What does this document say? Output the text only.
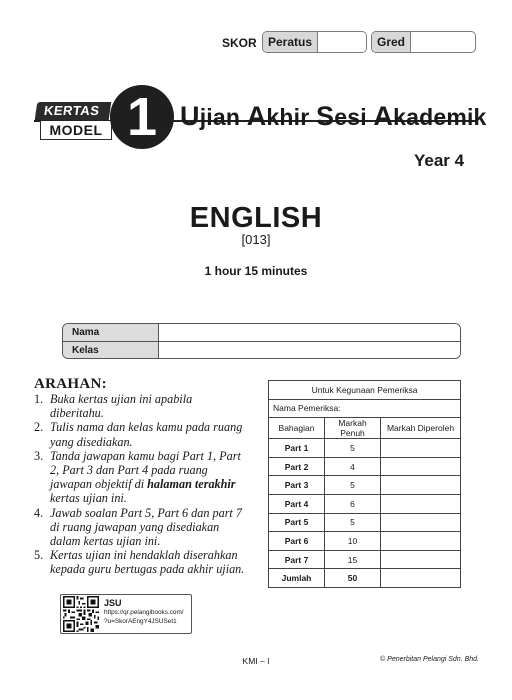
SKOR Peratus	Gred
KERTAS
MODEL 1 Ujian Akhir Sesi Akademik
Year 4
ENGLISH
[013]
1 hour 15 minutes
Nama
Kelas
ARAHAN:
1. Buka kertas ujian ini apabila diberitahu.
2. Tulis nama dan kelas kamu pada ruang yang disediakan.
3. Tanda jawapan kamu bagi Part 1, Part 2, Part 3 dan Part 4 pada ruang jawapan objektif di halaman terakhir kertas ujian ini.
4. Jawab soalan Part 5, Part 6 dan part 7 di ruang jawapan yang disediakan dalam kertas ujian ini.
5. Kertas ujian ini hendaklah diserahkan kepada guru bertugas pada akhir ujian.
Untuk Kegunaan Pemeriksa		
Nama Pemeriksa:		
Bahagian	Markah Penuh	Markah Diperoleh
Part 1	5	
Part 2	4	
Part 3	5	
Part 4	6	
Part 5	5	
Part 6	10	
Part 7	15	
Jumlah	50	
JSU
https://qr.pelangibooks.com/
?u=SkorAEngY4JSUSet1
KMI – I	© Penerbitan Pelangi Sdn. Bhd.
